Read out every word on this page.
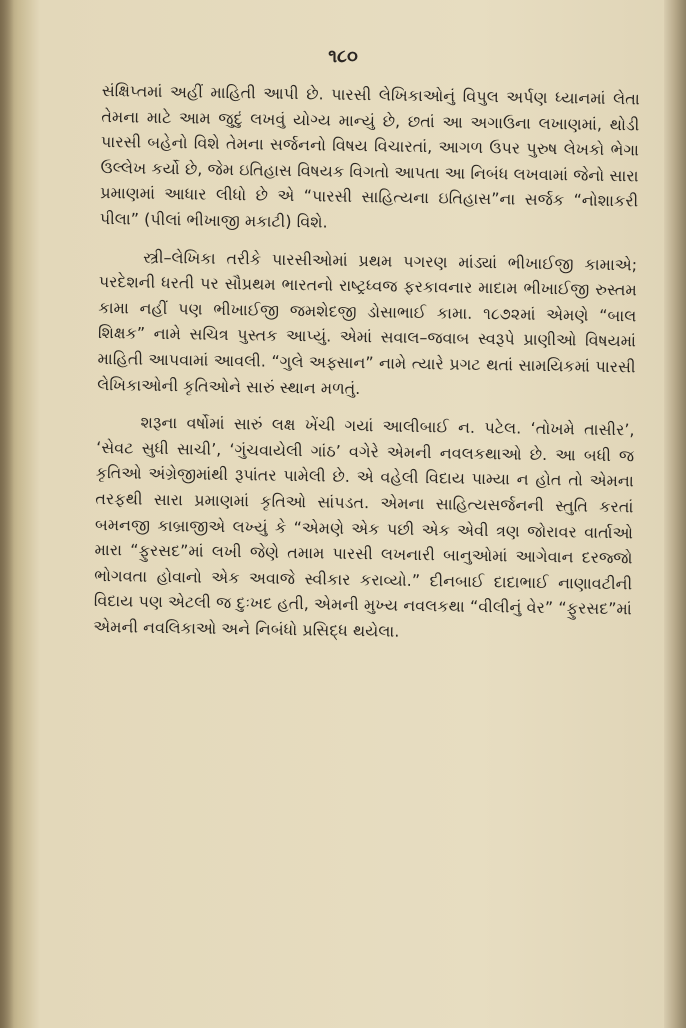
૧૮૦

સંક્ષિપ્તમાં અહીં માહિતી આપી છે. પારસી લેખિકાઓનું વિપુલ અર્પણ ધ્યાનમાં લેતા તેમના માટે આમ જુદું લખવું યોગ્ય માન્યું છે, છતાં આ અગાઉના લખાણમાં, થોડી પારસી બહેનો વિશે તેમના સર્જનનો વિષય વિચારતાં, આગળ ઉપર પુરુષ લેખકો ભેગા ઉલ્લેખ કર્યો છે, જેમ ઇતિહાસ વિષયક વિગતો આપતા આ નિબંધ લખવામાં જેનો સારા પ્રમાણમાં આધાર લીધો છે એ “પારસી સાહિત્યના ઇતિહાસ”ના સર્જક “નોશાકરી પીલા” (પીલાં ભીખાજી મકાટી) વિશે.

સ્ત્રી–લેખિકા તરીકે પારસીઓમાં પ્રથમ પગરણ માંડ્યાં ભીખાઈજી કામાએ; પરદેશની ધરતી પર સૌપ્રથમ ભારતનો રાષ્ટ્રધ્વજ ફરકાવનાર માદામ ભીખાઈજી રુસ્તમ કામા નહીં પણ ભીખાઈજી જમશેદજી ડોસાભાઈ કામા. ૧૮૭૨માં એમણે “બાલ શિક્ષક” નામે સચિત્ર પુસ્તક આપ્યું. એમાં સવાલ–જવાબ સ્વરૂપે પ્રાણીઓ વિષયમાં માહિતી આપવામાં આવલી. “ગુલે અફ્સાન” નામે ત્યારે પ્રગટ થતાં સામયિકમાં પારસી લેખિકાઓની કૃતિઓને સારું સ્થાન મળતું.

શરૂના વર્ષોમાં સારું લક્ષ ખેંચી ગયાં આલીબાઈ ન. પટેલ. ‘તોખમે તાસીર’, ‘સેવટ સુધી સાચી’, ‘ગુંચવાયેલી ગાંઠ’ વગેરે એમની નવલકથાઓ છે. આ બધી જ કૃતિઓ અંગ્રેજીમાંથી રૂપાંતર પામેલી છે. એ વહેલી વિદાય પામ્યા ન હોત તો એમના તરફથી સારા પ્રમાણમાં કૃતિઓ સાંપડત. એમના સાહિત્યસર્જનની સ્તુતિ કરતાં બમનજી કાબ્રાજીએ લખ્યું કે “એમણે એક પછી એક એવી ત્રણ જોરાવર વાર્તાઓ મારા “ફુરસદ”માં લખી જેણે તમામ પારસી લખનારી બાનુઓમાં આગેવાન દરજ્જો ભોગવતા હોવાનો એક અવાજે સ્વીકાર કરાવ્યો.” દીનબાઈ દાદાભાઈ નાણાવટીની વિદાય પણ એટલી જ દુઃખદ હતી, એમની મુખ્ય નવલકથા “વીલીનું વેર” “ફુરસદ”માં એમની નવલિકાઓ અને નિબંધો પ્રસિદ્ધ થયેલા.
